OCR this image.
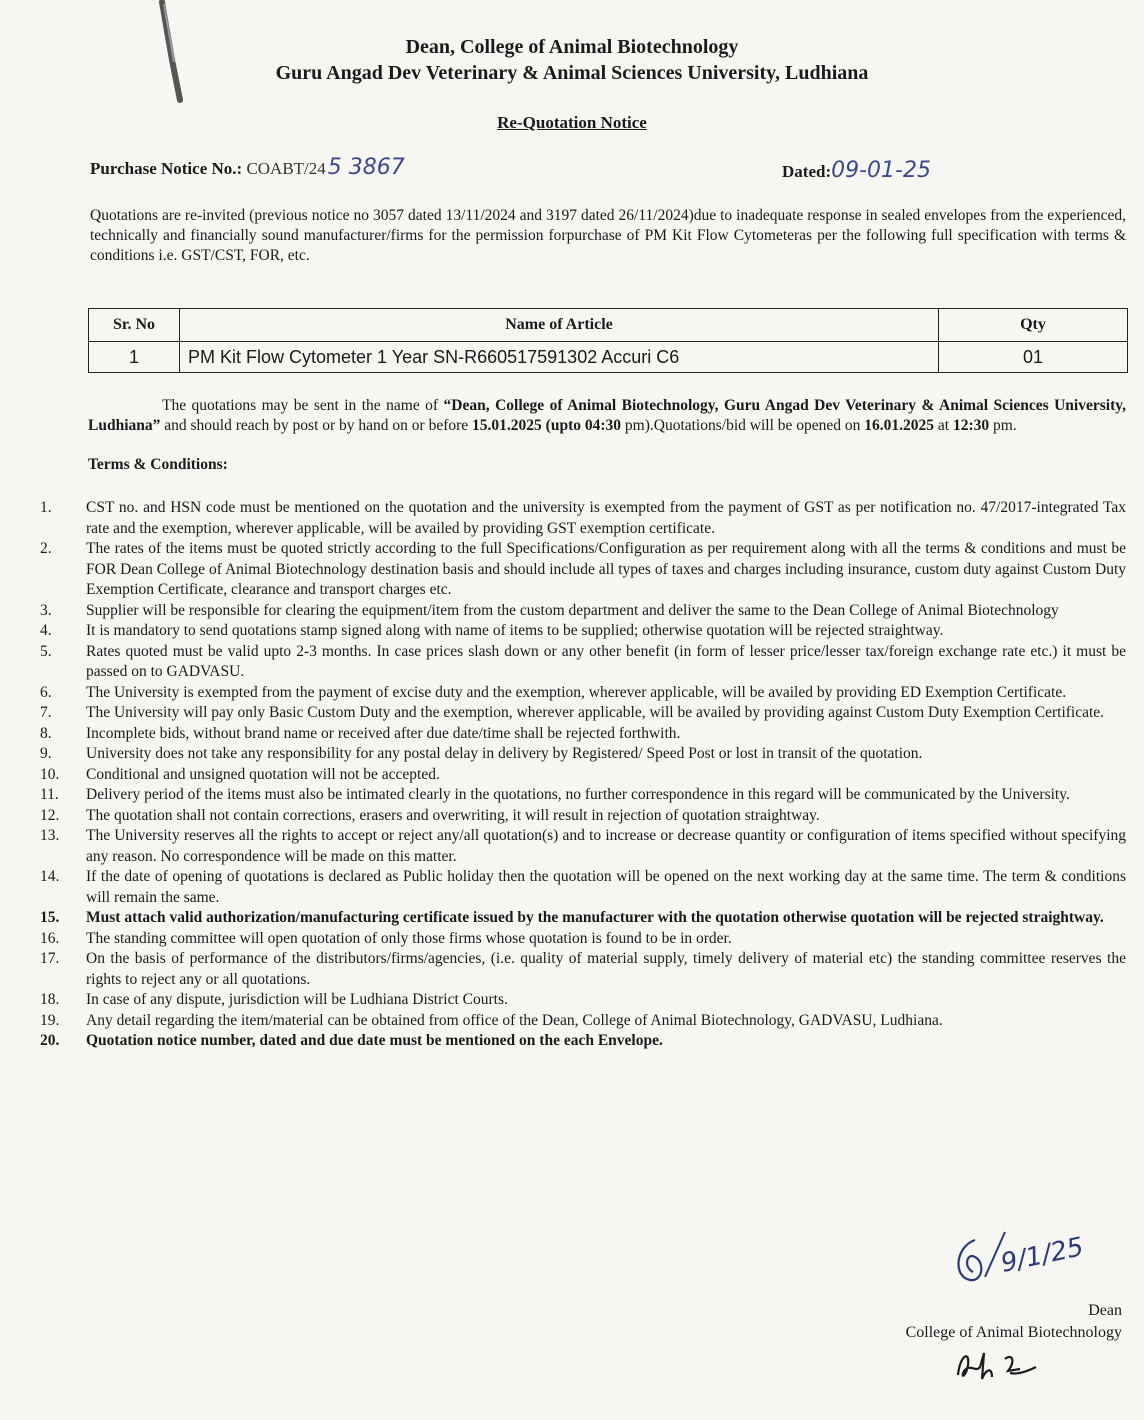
Dean, College of Animal Biotechnology
Guru Angad Dev Veterinary & Animal Sciences University, Ludhiana
Re-Quotation Notice
Purchase Notice No.: COABT/245 3867	Dated:09-01-25
Quotations are re-invited (previous notice no 3057 dated 13/11/2024 and 3197 dated 26/11/2024)due to inadequate response in sealed envelopes from the experienced, technically and financially sound manufacturer/firms for the permission forpurchase of PM Kit Flow Cytometeras per the following full specification with terms & conditions i.e. GST/CST, FOR, etc.
Sr. No	Name of Article	Qty
1	PM Kit Flow Cytometer 1 Year SN-R660517591302 Accuri C6	01
The quotations may be sent in the name of “Dean, College of Animal Biotechnology, Guru Angad Dev Veterinary & Animal Sciences University, Ludhiana” and should reach by post or by hand on or before 15.01.2025 (upto 04:30 pm).Quotations/bid will be opened on 16.01.2025 at 12:30 pm.
Terms & Conditions:
1. CST no. and HSN code must be mentioned on the quotation and the university is exempted from the payment of GST as per notification no. 47/2017-integrated Tax rate and the exemption, wherever applicable, will be availed by providing GST exemption certificate.
2. The rates of the items must be quoted strictly according to the full Specifications/Configuration as per requirement along with all the terms & conditions and must be FOR Dean College of Animal Biotechnology destination basis and should include all types of taxes and charges including insurance, custom duty against Custom Duty Exemption Certificate, clearance and transport charges etc.
3. Supplier will be responsible for clearing the equipment/item from the custom department and deliver the same to the Dean College of Animal Biotechnology
4. It is mandatory to send quotations stamp signed along with name of items to be supplied; otherwise quotation will be rejected straightway.
5. Rates quoted must be valid upto 2-3 months. In case prices slash down or any other benefit (in form of lesser price/lesser tax/foreign exchange rate etc.) it must be passed on to GADVASU.
6. The University is exempted from the payment of excise duty and the exemption, wherever applicable, will be availed by providing ED Exemption Certificate.
7. The University will pay only Basic Custom Duty and the exemption, wherever applicable, will be availed by providing against Custom Duty Exemption Certificate.
8. Incomplete bids, without brand name or received after due date/time shall be rejected forthwith.
9. University does not take any responsibility for any postal delay in delivery by Registered/ Speed Post or lost in transit of the quotation.
10. Conditional and unsigned quotation will not be accepted.
11. Delivery period of the items must also be intimated clearly in the quotations, no further correspondence in this regard will be communicated by the University.
12. The quotation shall not contain corrections, erasers and overwriting, it will result in rejection of quotation straightway.
13. The University reserves all the rights to accept or reject any/all quotation(s) and to increase or decrease quantity or configuration of items specified without specifying any reason. No correspondence will be made on this matter.
14. If the date of opening of quotations is declared as Public holiday then the quotation will be opened on the next working day at the same time. The term & conditions will remain the same.
15. Must attach valid authorization/manufacturing certificate issued by the manufacturer with the quotation otherwise quotation will be rejected straightway.
16. The standing committee will open quotation of only those firms whose quotation is found to be in order.
17. On the basis of performance of the distributors/firms/agencies, (i.e. quality of material supply, timely delivery of material etc) the standing committee reserves the rights to reject any or all quotations.
18. In case of any dispute, jurisdiction will be Ludhiana District Courts.
19. Any detail regarding the item/material can be obtained from office of the Dean, College of Animal Biotechnology, GADVASU, Ludhiana.
20. Quotation notice number, dated and due date must be mentioned on the each Envelope.
9/1/25
Dean
College of Animal Biotechnology
